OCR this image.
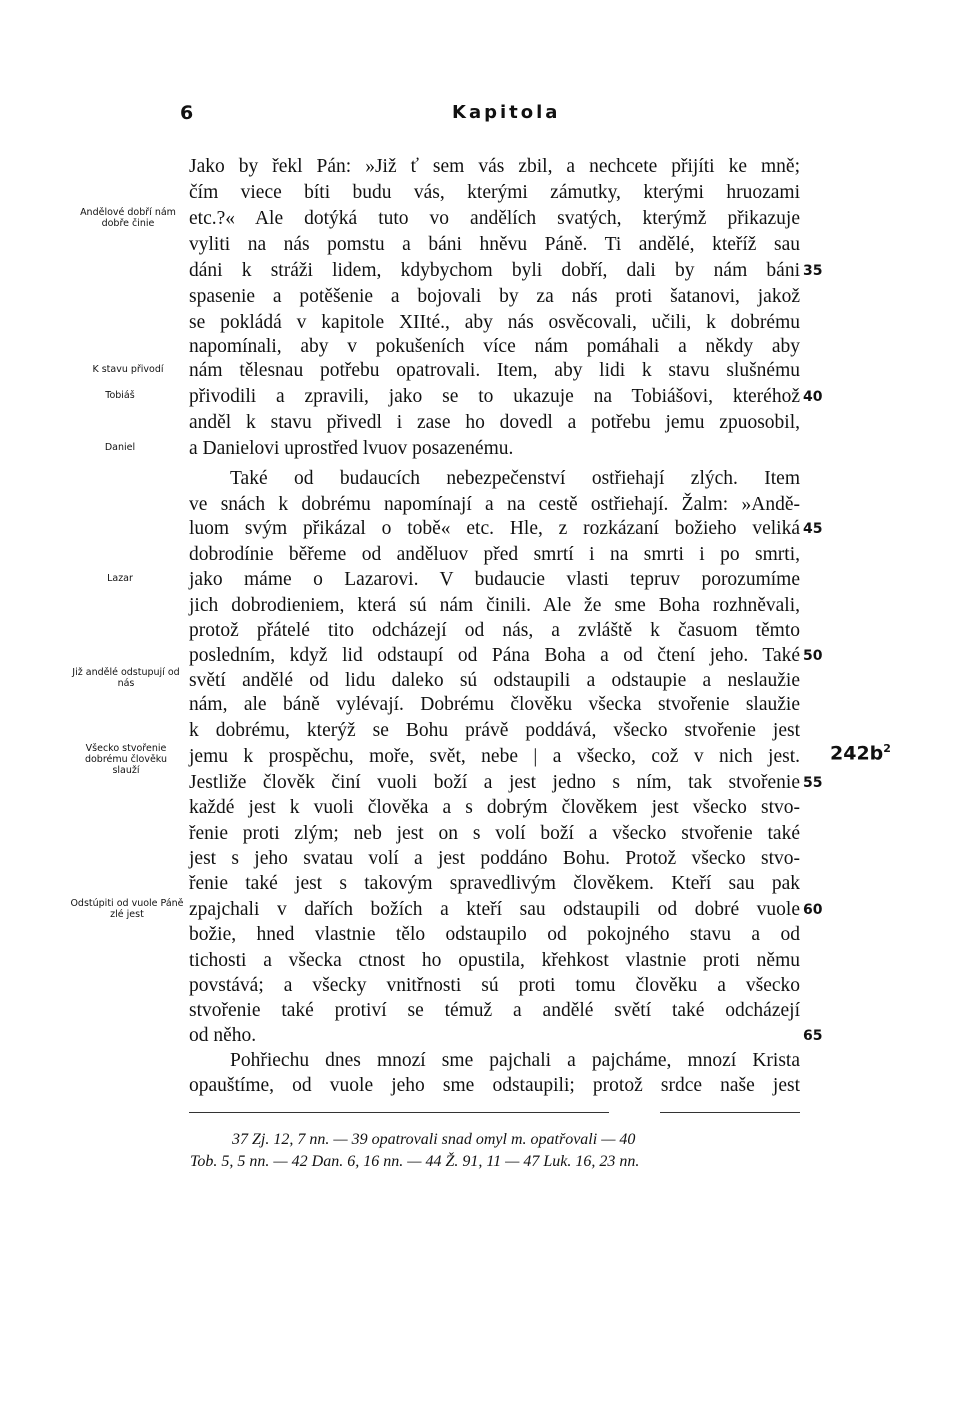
6	Kapitola
Jako by řekl Pán: »Již ť sem vás zbil, a nechcete přijíti ke mně;
čím viece bíti budu vás, kterými zámutky, kterými hruozami
etc.?« Ale dotýká tuto vo andělích svatých, kterýmž přikazuje
vyliti na nás pomstu a báni hněvu Páně. Ti andělé, kteříž sau
dáni k stráži lidem, kdybychom byli dobří, dali by nám báni
spasenie a potěšenie a bojovali by za nás proti šatanovi, jakož
se pokládá v kapitole XIIté., aby nás osvěcovali, učili, k dobrému
napomínali, aby v pokušeních více nám pomáhali a někdy aby
nám tělesnau potřebu opatrovali. Item, aby lidi k stavu slušnému
přivodili a zpravili, jako se to ukazuje na Tobiášovi, kteréhož
anděl k stavu přivedl i zase ho dovedl a potřebu jemu zpuosobil,
a Danielovi uprostřed lvuov posazenému.
Také od budaucích nebezpečenství ostřiehají zlých. Item
ve snách k dobrému napomínají a na cestě ostřiehají. Žalm: »Andě-
luom svým přikázal o tobě« etc. Hle, z rozkázaní božieho veliká
dobrodínie běřeme od anděluov před smrtí i na smrti i po smrti,
jako máme o Lazarovi. V budaucie vlasti tepruv porozumíme
jich dobrodieniem, která sú nám činili. Ale že sme Boha rozhněvali,
protož přátelé tito odcházejí od nás, a zvláště k časuom těmto
posledním, když lid odstaupí od Pána Boha a od čtení jeho. Také
světí andělé od lidu daleko sú odstaupili a odstaupie a neslaužie
nám, ale báně vylévají. Dobrému člověku všecka stvořenie slaužie
k dobrému, kterýž se Bohu právě poddává, všecko stvořenie jest
jemu k prospěchu, moře, svět, nebe | a všecko, což v nich jest.
Jestliže člověk činí vuoli boží a jest jedno s ním, tak stvořenie
každé jest k vuoli člověka a s dobrým člověkem jest všecko stvo-
řenie proti zlým; neb jest on s volí boží a všecko stvořenie také
jest s jeho svatau volí a jest poddáno Bohu. Protož všecko stvo-
řenie také jest s takovým spravedlivým člověkem. Kteří sau pak
zpajchali v dařích božích a kteří sau odstaupili od dobré vuole
božie, hned vlastnie tělo odstaupilo od pokojného stavu a od
tichosti a všecka ctnost ho opustila, křehkost vlastnie proti němu
povstává; a všecky vnitřnosti sú proti tomu člověku a všecko
stvořenie také protiví se témuž a andělé světí také odcházejí
od něho.
Pohřiechu dnes mnozí sme pajchali a pajcháme, mnozí Krista
opauštíme, od vuole jeho sme odstaupili; protož srdce naše jest
35
40
45
50
55
60
65
Andělové dobří nám dobře činie
K stavu přivodí
Tobiáš
Daniel
Lazar
Již andělé odstupují od nás
Všecko stvořenie dobrému člověku slauží
Odstúpiti od vuole Páně zlé jest
$242b^2$
37 Zj. 12, 7 nn. — 39 opatrovali snad omyl m. opatřovali — 40
Tob. 5, 5 nn. — 42 Dan. 6, 16 nn. — 44 Ž. 91, 11 — 47 Luk. 16, 23 nn.
